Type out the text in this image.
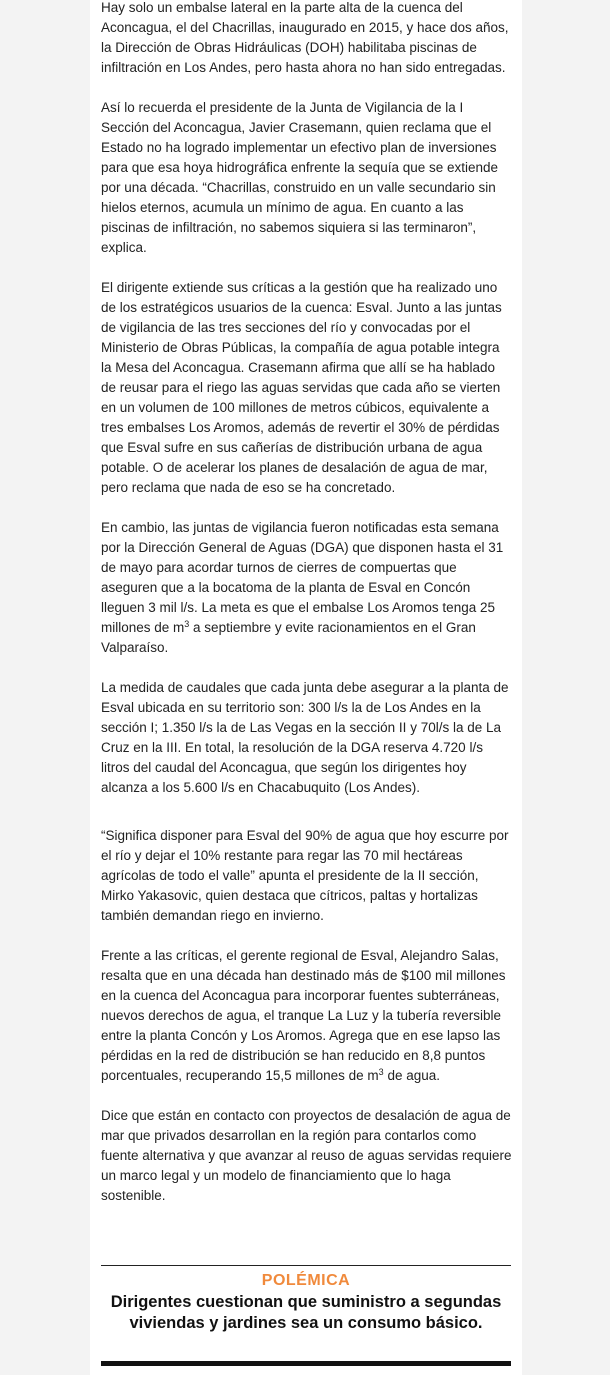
Hay solo un embalse lateral en la parte alta de la cuenca del Aconcagua, el del Chacrillas, inaugurado en 2015, y hace dos años, la Dirección de Obras Hidráulicas (DOH) habilitaba piscinas de infiltración en Los Andes, pero hasta ahora no han sido entregadas.

Así lo recuerda el presidente de la Junta de Vigilancia de la I Sección del Aconcagua, Javier Crasemann, quien reclama que el Estado no ha logrado implementar un efectivo plan de inversiones para que esa hoya hidrográfica enfrente la sequía que se extiende por una década. “Chacrillas, construido en un valle secundario sin hielos eternos, acumula un mínimo de agua. En cuanto a las piscinas de infiltración, no sabemos siquiera si las terminaron”, explica.

El dirigente extiende sus críticas a la gestión que ha realizado uno de los estratégicos usuarios de la cuenca: Esval. Junto a las juntas de vigilancia de las tres secciones del río y convocadas por el Ministerio de Obras Públicas, la compañía de agua potable integra la Mesa del Aconcagua. Crasemann afirma que allí se ha hablado de reusar para el riego las aguas servidas que cada año se vierten en un volumen de 100 millones de metros cúbicos, equivalente a tres embalses Los Aromos, además de revertir el 30% de pérdidas que Esval sufre en sus cañerías de distribución urbana de agua potable. O de acelerar los planes de desalación de agua de mar, pero reclama que nada de eso se ha concretado.

En cambio, las juntas de vigilancia fueron notificadas esta semana por la Dirección General de Aguas (DGA) que disponen hasta el 31 de mayo para acordar turnos de cierres de compuertas que aseguren que a la bocatoma de la planta de Esval en Concón lleguen 3 mil l/s. La meta es que el embalse Los Aromos tenga 25 millones de $m^3$ a septiembre y evite racionamientos en el Gran Valparaíso.

La medida de caudales que cada junta debe asegurar a la planta de Esval ubicada en su territorio son: 300 l/s la de Los Andes en la sección I; 1.350 l/s la de Las Vegas en la sección II y 70l/s la de La Cruz en la III. En total, la resolución de la DGA reserva 4.720 l/s litros del caudal del Aconcagua, que según los dirigentes hoy alcanza a los 5.600 l/s en Chacabuquito (Los Andes).

“Significa disponer para Esval del 90% de agua que hoy escurre por el río y dejar el 10% restante para regar las 70 mil hectáreas agrícolas de todo el valle” apunta el presidente de la II sección, Mirko Yakasovic, quien destaca que cítricos, paltas y hortalizas también demandan riego en invierno.

Frente a las críticas, el gerente regional de Esval, Alejandro Salas, resalta que en una década han destinado más de $100 mil millones en la cuenca del Aconcagua para incorporar fuentes subterráneas, nuevos derechos de agua, el tranque La Luz y la tubería reversible entre la planta Concón y Los Aromos. Agrega que en ese lapso las pérdidas en la red de distribución se han reducido en 8,8 puntos porcentuales, recuperando 15,5 millones de $m^3$ de agua.

Dice que están en contacto con proyectos de desalación de agua de mar que privados desarrollan en la región para contarlos como fuente alternativa y que avanzar al reuso de aguas servidas requiere un marco legal y un modelo de financiamiento que lo haga sostenible.

POLÉMICA
Dirigentes cuestionan que suministro a segundas viviendas y jardines sea un consumo básico.
